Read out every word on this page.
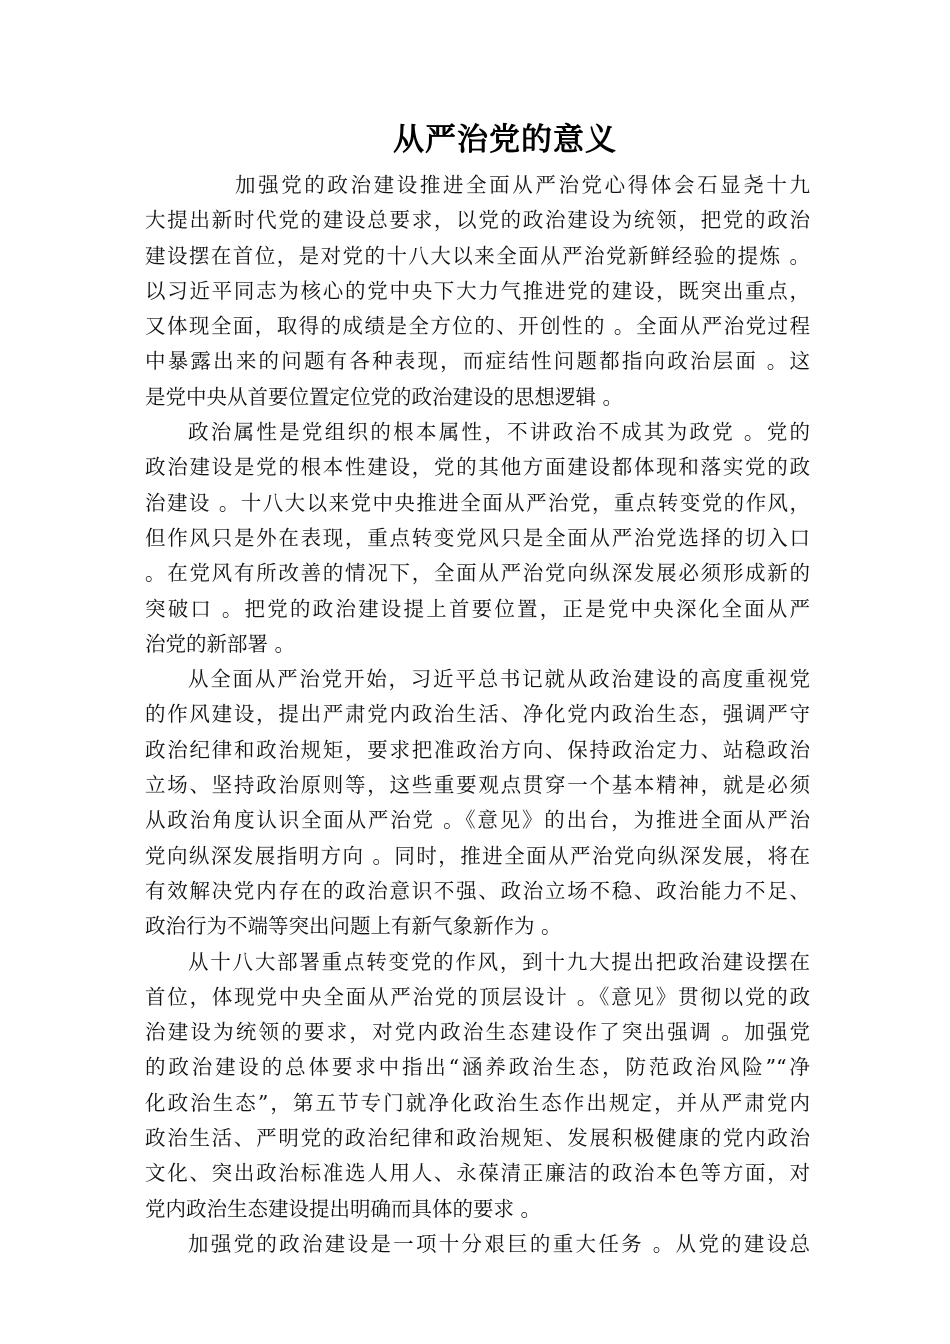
从严治党的意义
加强党的政治建设推进全面从严治党心得体会石显尧十九
大提出新时代党的建设总要求，以党的政治建设为统领，把党的政治
建设摆在首位，是对党的十八大以来全面从严治党新鲜经验的提炼 。
以习近平同志为核心的党中央下大力气推进党的建设，既突出重点，
又体现全面，取得的成绩是全方位的、开创性的 。全面从严治党过程
中暴露出来的问题有各种表现，而症结性问题都指向政治层面 。这
是党中央从首要位置定位党的政治建设的思想逻辑 。
政治属性是党组织的根本属性，不讲政治不成其为政党 。党的
政治建设是党的根本性建设，党的其他方面建设都体现和落实党的政
治建设 。十八大以来党中央推进全面从严治党，重点转变党的作风，
但作风只是外在表现，重点转变党风只是全面从严治党选择的切入口
。在党风有所改善的情况下，全面从严治党向纵深发展必须形成新的
突破口 。把党的政治建设提上首要位置，正是党中央深化全面从严
治党的新部署 。
从全面从严治党开始，习近平总书记就从政治建设的高度重视党
的作风建设，提出严肃党内政治生活、净化党内政治生态，强调严守
政治纪律和政治规矩，要求把准政治方向、保持政治定力、站稳政治
立场、坚持政治原则等，这些重要观点贯穿一个基本精神，就是必须
从政治角度认识全面从严治党 。《意见》的出台，为推进全面从严治
党向纵深发展指明方向 。同时，推进全面从严治党向纵深发展，将在
有效解决党内存在的政治意识不强、政治立场不稳、政治能力不足、
政治行为不端等突出问题上有新气象新作为 。
从十八大部署重点转变党的作风，到十九大提出把政治建设摆在
首位，体现党中央全面从严治党的顶层设计 。《意见》贯彻以党的政
治建设为统领的要求，对党内政治生态建设作了突出强调 。加强党
的政治建设的总体要求中指出“涵养政治生态，防范政治风险”“净
化政治生态”，第五节专门就净化政治生态作出规定，并从严肃党内
政治生活、严明党的政治纪律和政治规矩、发展积极健康的党内政治
文化、突出政治标准选人用人、永葆清正廉洁的政治本色等方面，对
党内政治生态建设提出明确而具体的要求 。
加强党的政治建设是一项十分艰巨的重大任务 。从党的建设总
